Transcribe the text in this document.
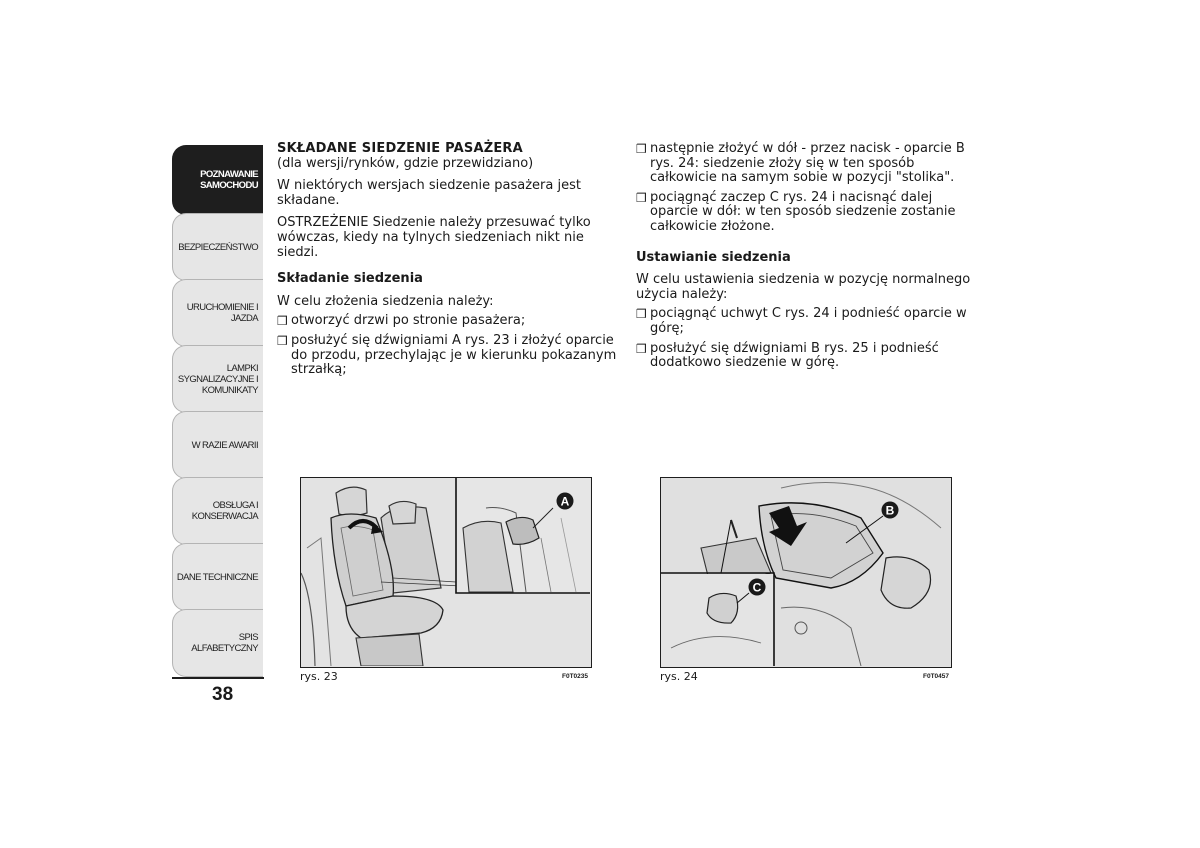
POZNAWANIE
SAMOCHODU
BEZPIECZEŃSTWO
URUCHOMIENIE I
JAZDA
LAMPKI
SYGNALIZACYJNE I
KOMUNIKATY
W RAZIE AWARII
OBSŁUGA I
KONSERWACJA
DANE TECHNICZNE
SPIS ALFABETYCZNY
38

SKŁADANE SIEDZENIE PASAŻERA
(dla wersji/rynków, gdzie przewidziano)

W niektórych wersjach siedzenie pasażera jest składane.

OSTRZEŻENIE Siedzenie należy przesuwać tylko wówczas, kiedy na tylnych siedzeniach nikt nie siedzi.

Składanie siedzenia

W celu złożenia siedzenia należy:

❒ otworzyć drzwi po stronie pasażera;
❒ posłużyć się dźwigniami A rys. 23 i złożyć oparcie do przodu, przechylając je w kierunku pokazanym strzałką;
❒ następnie złożyć w dół - przez nacisk - oparcie B rys. 24: siedzenie złoży się w ten sposób całkowicie na samym sobie w pozycji "stolika".
❒ pociągnąć zaczep C rys. 24 i nacisnąć dalej oparcie w dół: w ten sposób siedzenie zostanie całkowicie złożone.
Ustawianie siedzenia

W celu ustawienia siedzenia w pozycję normalnego użycia należy:

❒ pociągnąć uchwyt C rys. 24 i podnieść oparcie w górę;
❒ posłużyć się dźwigniami B rys. 25 i podnieść dodatkowo siedzenie w górę.
A
rys. 23	F0T0235
B
C
rys. 24	F0T0457
